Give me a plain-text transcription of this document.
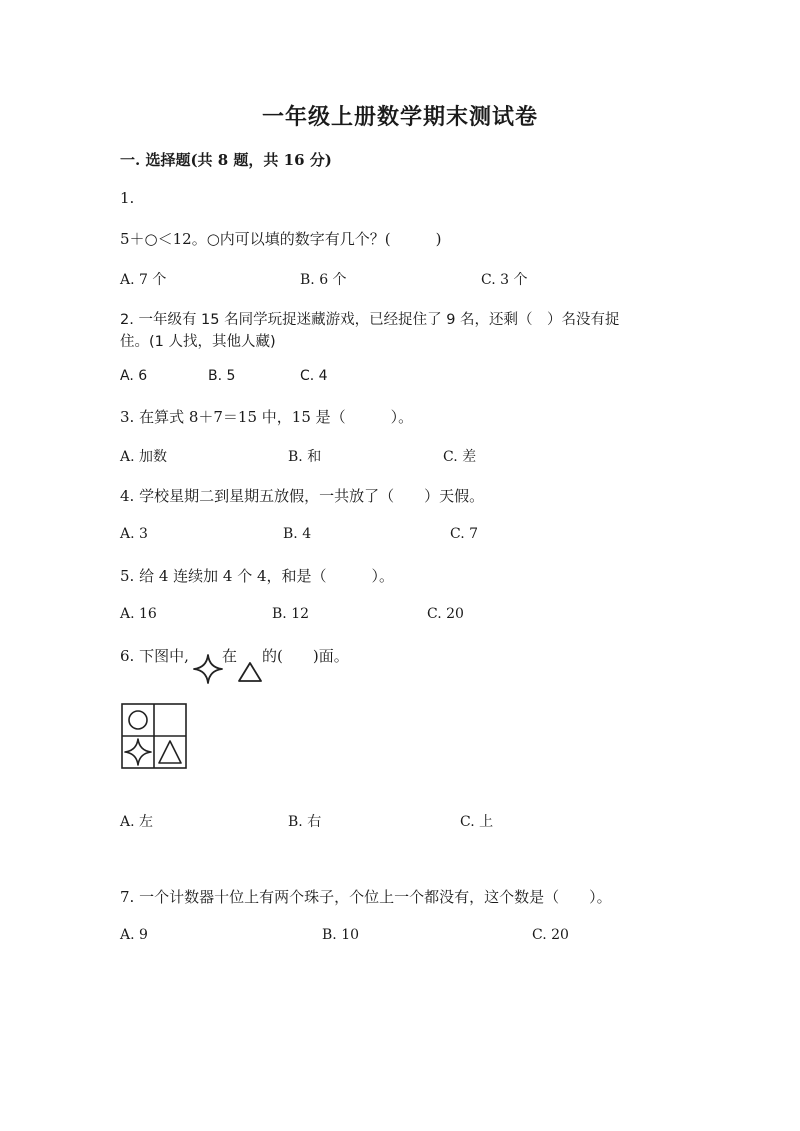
一年级上册数学期末测试卷
一. 选择题(共 8 题，共 16 分)
1.
5＋○＜12。○内可以填的数字有几个？(　　　)
A. 7 个	B. 6 个	C. 3 个
2. 一年级有 15 名同学玩捉迷藏游戏，已经捉住了 9 名，还剩（　）名没有捉
住。(1 人找，其他人藏)
A. 6	B. 5	C. 4
3. 在算式 8＋7＝15 中，15 是（　　　）。
A. 加数	B. 和	C. 差
4. 学校星期二到星期五放假，一共放了（　　）天假。
A. 3	B. 4	C. 7
5. 给 4 连续加 4 个 4，和是（　　　）。
A. 16	B. 12	C. 20
6. 下图中, 在 的(　　)面。
A. 左	B. 右	C. 上
7. 一个计数器十位上有两个珠子，个位上一个都没有，这个数是（　　）。
A. 9	B. 10	C. 20
